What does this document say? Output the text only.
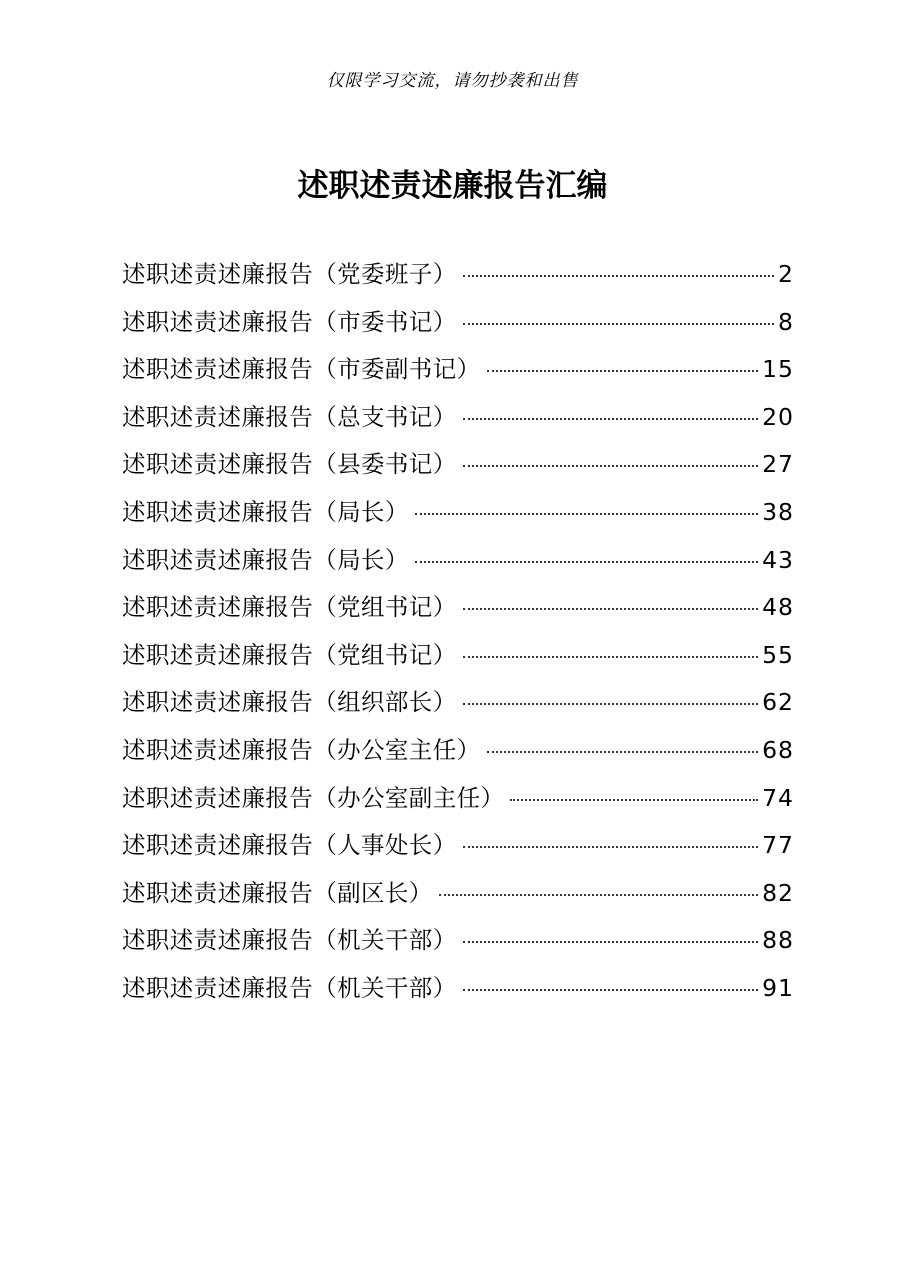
仅限学习交流，请勿抄袭和出售
述职述责述廉报告汇编
述职述责述廉报告（党委班子）	2
述职述责述廉报告（市委书记）	8
述职述责述廉报告（市委副书记）	15
述职述责述廉报告（总支书记）	20
述职述责述廉报告（县委书记）	27
述职述责述廉报告（局长）	38
述职述责述廉报告（局长）	43
述职述责述廉报告（党组书记）	48
述职述责述廉报告（党组书记）	55
述职述责述廉报告（组织部长）	62
述职述责述廉报告（办公室主任）	68
述职述责述廉报告（办公室副主任）	74
述职述责述廉报告（人事处长）	77
述职述责述廉报告（副区长）	82
述职述责述廉报告（机关干部）	88
述职述责述廉报告（机关干部）	91
